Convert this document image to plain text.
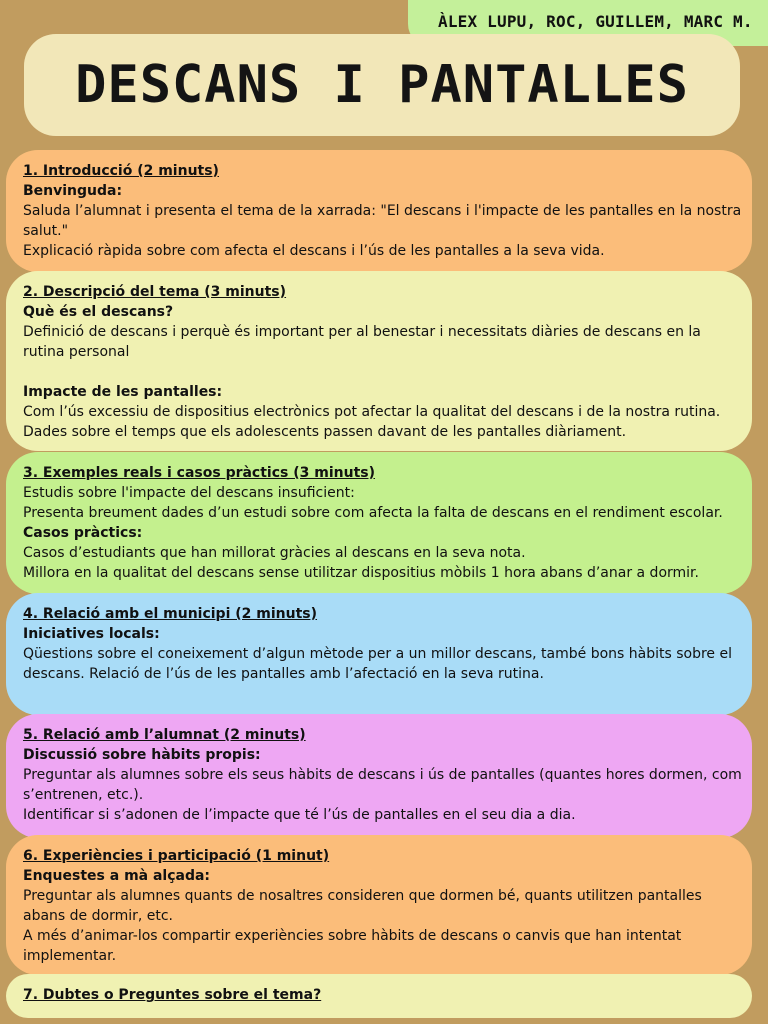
ÀLEX LUPU, ROC, GUILLEM, MARC M.
DESCANS I PANTALLES

1. Introducció (2 minuts)

Benvinguda:

Saluda l’alumnat i presenta el tema de la xarrada: "El descans i l'impacte de les pantalles en la nostra salut."

Explicació ràpida sobre com afecta el descans i l’ús de les pantalles a la seva vida.

2. Descripció del tema (3 minuts)

Què és el descans?

Definició de descans i perquè és important per al benestar i necessitats diàries de descans en la rutina personal

Impacte de les pantalles:

Com l’ús excessiu de dispositius electrònics pot afectar la qualitat del descans i de la nostra rutina.

Dades sobre el temps que els adolescents passen davant de les pantalles diàriament.

3. Exemples reals i casos pràctics (3 minuts)

Estudis sobre l'impacte del descans insuficient:

Presenta breument dades d’un estudi sobre com afecta la falta de descans en el rendiment escolar.

Casos pràctics:

Casos d’estudiants que han millorat gràcies al descans en la seva nota.

Millora en la qualitat del descans sense utilitzar dispositius mòbils 1 hora abans d’anar a dormir.

4. Relació amb el municipi (2 minuts)

Iniciatives locals:

Qüestions sobre el coneixement d’algun mètode per a un millor descans, també bons hàbits sobre el descans. Relació de l’ús de les pantalles amb l’afectació en la seva rutina.

5. Relació amb l’alumnat (2 minuts)

Discussió sobre hàbits propis:

Preguntar als alumnes sobre els seus hàbits de descans i ús de pantalles (quantes hores dormen, com s’entrenen, etc.).

Identificar si s’adonen de l’impacte que té l’ús de pantalles en el seu dia a dia.

6. Experiències i participació (1 minut)

Enquestes a mà alçada:

Preguntar als alumnes quants de nosaltres consideren que dormen bé, quants utilitzen pantalles abans de dormir, etc.

A més d’animar-los compartir experiències sobre hàbits de descans o canvis que han intentat implementar.

7. Dubtes o Preguntes sobre el tema?
